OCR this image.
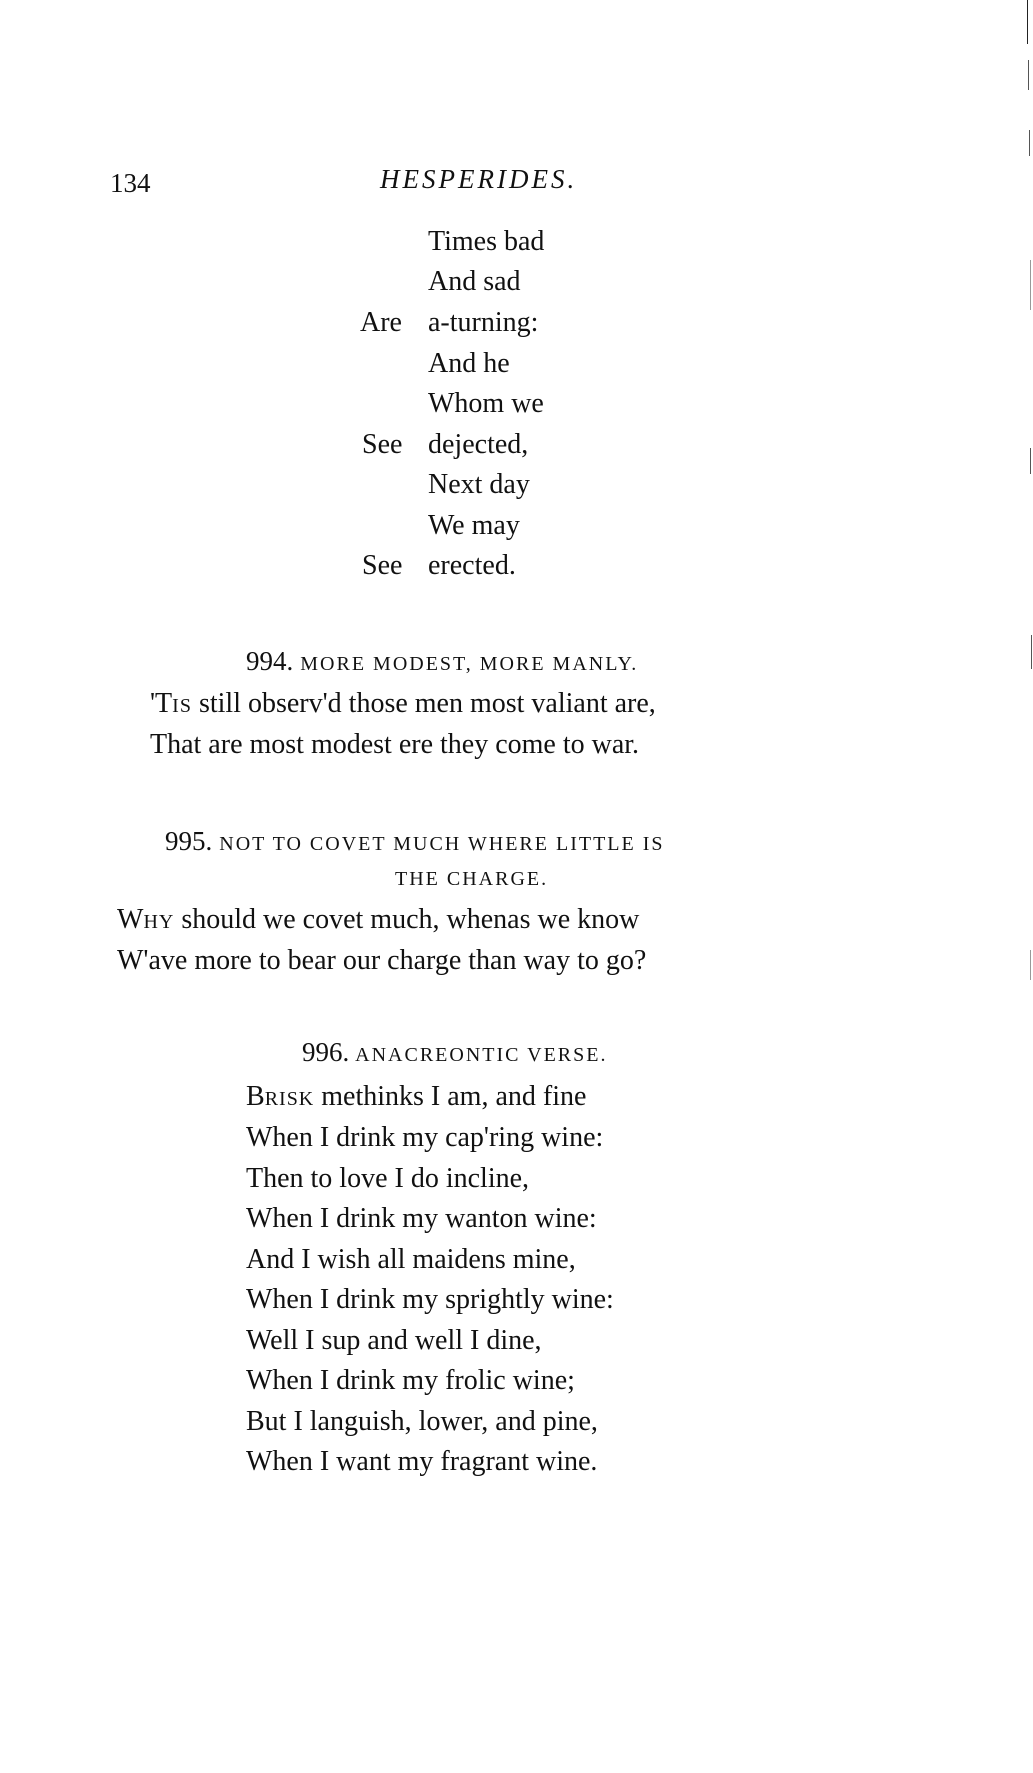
134	HESPERIDES.
Times bad
And sad
Are a-turning:
And he
Whom we
See dejected,
Next day
We may
See erected.
994. MORE MODEST, MORE MANLY.
'TIS still observ'd those men most valiant are,
That are most modest ere they come to war.
995. NOT TO COVET MUCH WHERE LITTLE IS
THE CHARGE.
WHY should we covet much, whenas we know
W'ave more to bear our charge than way to go?
996. ANACREONTIC VERSE.
BRISK methinks I am, and fine
When I drink my cap'ring wine:
Then to love I do incline,
When I drink my wanton wine:
And I wish all maidens mine,
When I drink my sprightly wine:
Well I sup and well I dine,
When I drink my frolic wine;
But I languish, lower, and pine,
When I want my fragrant wine.
